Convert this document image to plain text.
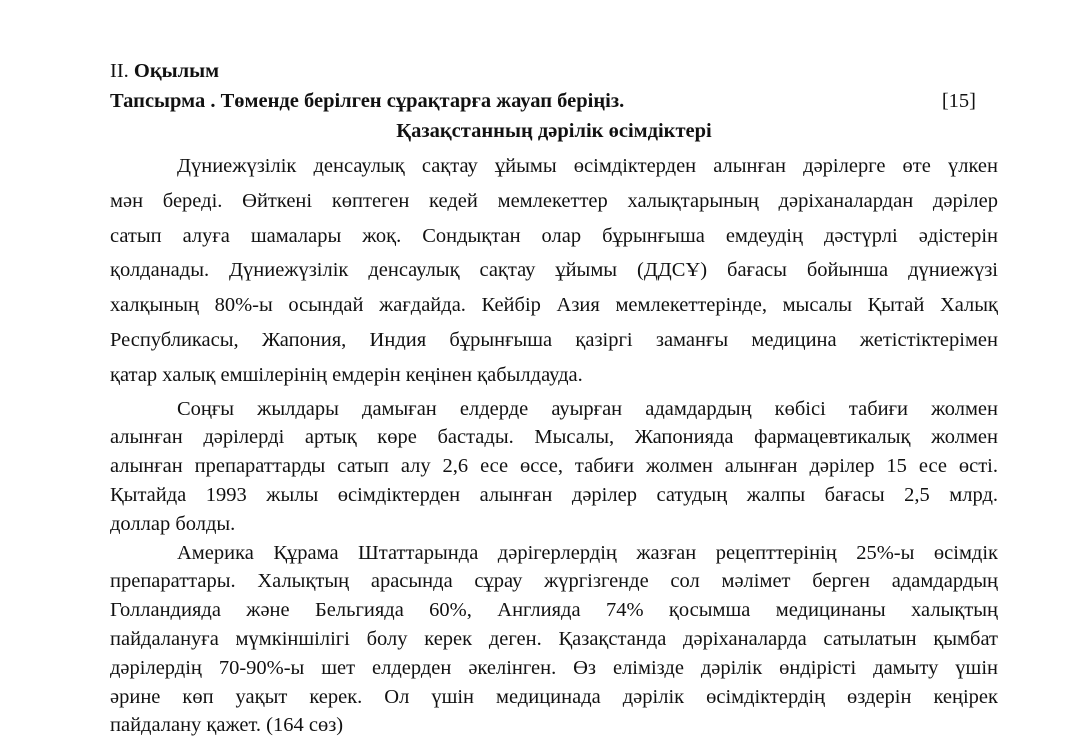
II. Оқылым
Тапсырма . Төменде берілген сұрақтарға жауап беріңіз.	[15]
Қазақстанның дәрілік өсімдіктері
Дүниежүзілік денсаулық сақтау ұйымы өсімдіктерден алынған дәрілерге өте үлкен
мән береді. Өйткені көптеген кедей мемлекеттер халықтарының дәріханалардан дәрілер
сатып алуға шамалары жоқ. Сондықтан олар бұрынғыша емдеудің дәстүрлі әдістерін
қолданады. Дүниежүзілік денсаулық сақтау ұйымы (ДДСҰ) бағасы бойынша дүниежүзі
халқының 80%-ы осындай жағдайда. Кейбір Азия мемлекеттерінде, мысалы Қытай Халық
Республикасы, Жапония, Индия бұрынғыша қазіргі заманғы медицина жетістіктерімен
қатар халық емшілерінің емдерін кеңінен қабылдауда.
Соңғы жылдары дамыған елдерде ауырған адамдардың көбісі табиғи жолмен
алынған дәрілерді артық көре бастады. Мысалы, Жапонияда фармацевтикалық жолмен
алынған препараттарды сатып алу 2,6 есе өссе, табиғи жолмен алынған дәрілер 15 есе өсті.
Қытайда 1993 жылы өсімдіктерден алынған дәрілер сатудың жалпы бағасы 2,5 млрд.
доллар болды.
Америка Құрама Штаттарында дәрігерлердің жазған рецепттерінің 25%-ы өсімдік
препараттары. Халықтың арасында сұрау жүргізгенде сол мәлімет берген адамдардың
Голландияда және Бельгияда 60%, Англияда 74% қосымша медицинаны халықтың
пайдалануға мүмкіншілігі болу керек деген. Қазақстанда дәріханаларда сатылатын қымбат
дәрілердің 70-90%-ы шет елдерден әкелінген. Өз елімізде дәрілік өндірісті дамыту үшін
әрине көп уақыт керек. Ол үшін медицинада дәрілік өсімдіктердің өздерін кеңірек
пайдалану қажет. (164 сөз)
